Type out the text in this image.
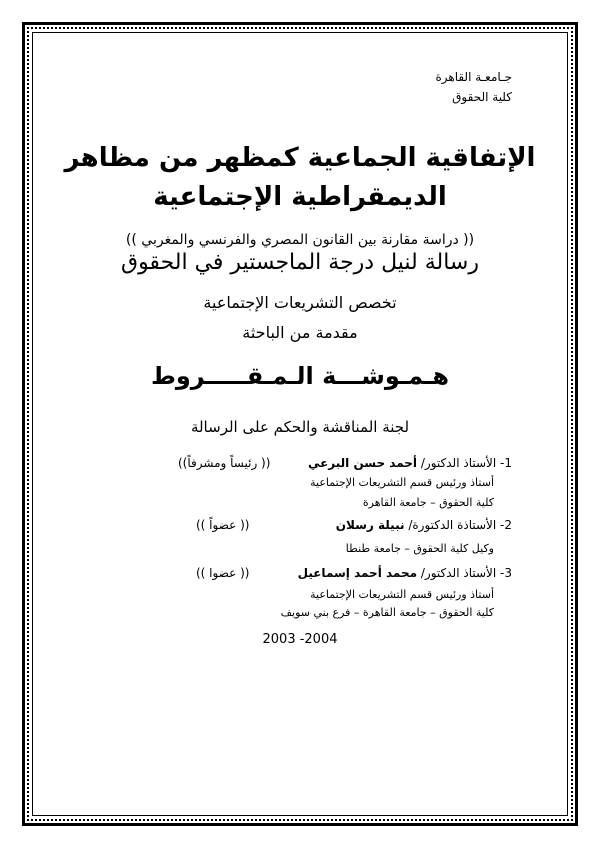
جـامعـة القاهرة
كلية الحقوق
الإتفاقية الجماعية كمظهر من مظاهر
الديمقراطية الإجتماعية
(( دراسة مقارنة بين القانون المصري والفرنسي والمغربي ))
رسالة لنيل درجة الماجستير في الحقوق
تخصص التشريعات الإجتماعية
مقدمة من الباحثة
هـمـوشـــة الـمـقـــــروط
لجنة المناقشة والحكم على الرسالة
1- الأستاذ الدكتور/ أحمد حسن البرعي
(( رئيساً ومشرفاً))
أستاذ ورئيس قسم التشريعات الإجتماعية
كلية الحقوق – جامعة القاهرة
2- الأستاذة الدكتورة/ نبيلة رسلان
(( عضواً ))
وكيل كلية الحقوق – جامعة طنطا
3- الأستاذ الدكتور/ محمد أحمد إسماعيل
(( عضوا ))
أستاذ ورئيس قسم التشريعات الإجتماعية
كلية الحقوق – جامعة القاهرة – فرع بني سويف
2003 -2004
